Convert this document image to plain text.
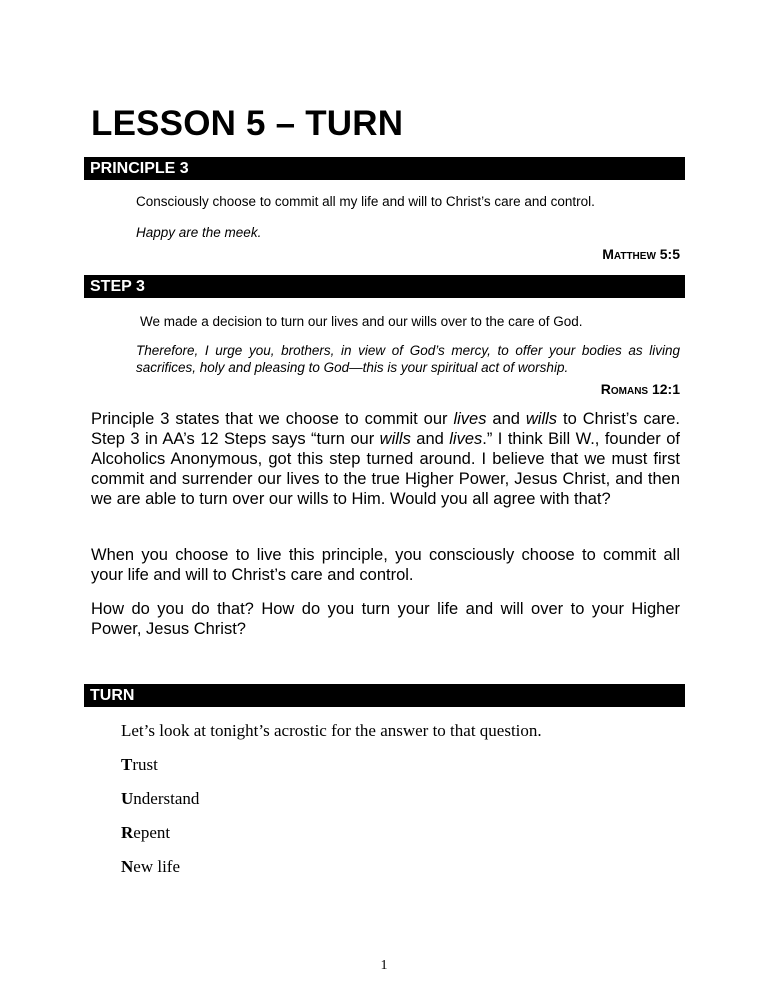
LESSON 5 – TURN
PRINCIPLE 3
Consciously choose to commit all my life and will to Christ’s care and control.
Happy are the meek.
Matthew 5:5
STEP 3
We made a decision to turn our lives and our wills over to the care of God.
Therefore, I urge you, brothers, in view of God’s mercy, to offer your bodies as living sacrifices, holy and pleasing to God—this is your spiritual act of worship.
Romans 12:1
Principle 3 states that we choose to commit our lives and wills to Christ’s care. Step 3 in AA’s 12 Steps says “turn our wills and lives.” I think Bill W., founder of Alcoholics Anonymous, got this step turned around. I believe that we must first commit and surrender our lives to the true Higher Power, Jesus Christ, and then we are able to turn over our wills to Him. Would you all agree with that?
When you choose to live this principle, you consciously choose to commit all your life and will to Christ’s care and control.
How do you do that? How do you turn your life and will over to your Higher Power, Jesus Christ?
TURN
Let’s look at tonight’s acrostic for the answer to that question.
Trust
Understand
Repent
New life
1
